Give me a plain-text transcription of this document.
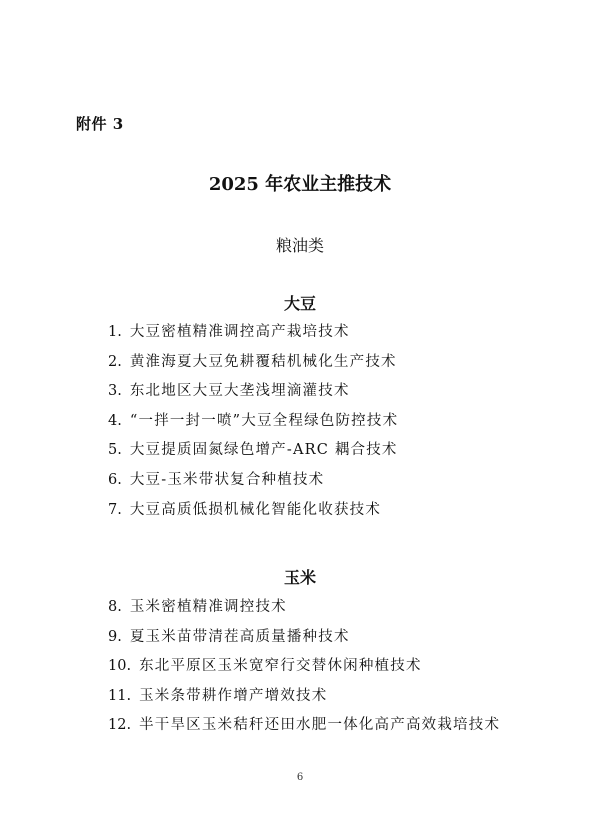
附件 3
2025 年农业主推技术
粮油类
大豆
1. 大豆密植精准调控高产栽培技术
2. 黄淮海夏大豆免耕覆秸机械化生产技术
3. 东北地区大豆大垄浅埋滴灌技术
4. “一拌一封一喷”大豆全程绿色防控技术
5. 大豆提质固氮绿色增产-ARC 耦合技术
6. 大豆-玉米带状复合种植技术
7. 大豆高质低损机械化智能化收获技术
玉米
8. 玉米密植精准调控技术
9. 夏玉米苗带清茬高质量播种技术
10. 东北平原区玉米宽窄行交替休闲种植技术
11. 玉米条带耕作增产增效技术
12. 半干旱区玉米秸秆还田水肥一体化高产高效栽培技术
6
